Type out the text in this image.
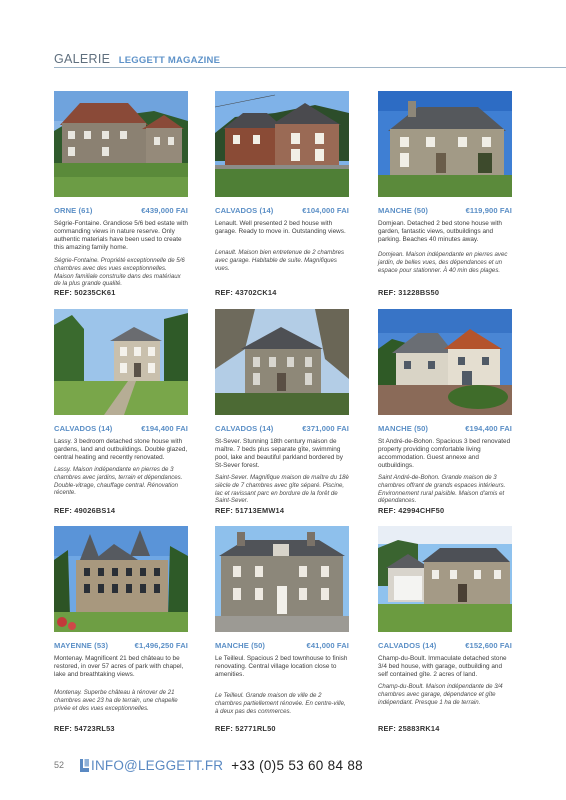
GALERIE LEGGETT MAGAZINE
ORNE (61)	€439,000 FAI
Ségrie-Fontaine. Grandiose 5/6 bed estate with commanding views in nature reserve. Only authentic materials have been used to create this amazing family home.
Ségrie-Fontaine. Propriété exceptionnelle de 5/6 chambres avec des vues exceptionnelles. Maison familiale construite dans des matériaux de la plus grande qualité.
REF: 50235CK61
CALVADOS (14)	€104,000 FAI
Lenault. Well presented 2 bed house with garage. Ready to move in. Outstanding views.
Lenault. Maison bien entretenue de 2 chambres avec garage. Habitable de suite. Magnifiques vues.
REF: 43702CK14
MANCHE (50)	€119,900 FAI
Domjean. Detached 2 bed stone house with garden, fantastic views, outbuildings and parking. Beaches 40 minutes away.
Domjean. Maison indépendante en pierres avec jardin, de belles vues, des dépendances et un espace pour stationner. À 40 min des plages.
REF: 31228BS50
CALVADOS (14)	€194,400 FAI
Lassy. 3 bedroom detached stone house with gardens, land and outbuildings. Double glazed, central heating and recently renovated.
Lassy. Maison indépendante en pierres de 3 chambres avec jardins, terrain et dépendances. Double-vitrage, chauffage central. Rénovation récente.
REF: 49026BS14
CALVADOS (14)	€371,000 FAI
St-Sever. Stunning 18th century maison de maître. 7 beds plus separate gîte, swimming pool, lake and beautiful parkland bordered by St-Sever forest.
Saint-Sever. Magnifique maison de maître du 18è siècle de 7 chambres avec gîte séparé. Piscine, lac et ravissant parc en bordure de la forêt de Saint-Sever.
REF: 51713EMW14
MANCHE (50)	€194,400 FAI
St André-de-Bohon. Spacious 3 bed renovated property providing comfortable living accommodation. Guest annexe and outbuildings.
Saint André-de-Bohon. Grande maison de 3 chambres offrant de grands espaces intérieurs. Environnement rural paisible. Maison d'amis et dépendances.
REF: 42994CHF50
MAYENNE (53)	€1,496,250 FAI
Montenay. Magnificent 21 bed château to be restored, in over 57 acres of park with chapel, lake and breathtaking views.
Montenay. Superbe château à rénover de 21 chambres avec 23 ha de terrain, une chapelle privée et des vues exceptionnelles.
REF: 54723RL53
MANCHE (50)	€41,000 FAI
Le Teilleul. Spacious 2 bed townhouse to finish renovating. Central village location close to amenities.
Le Teilleul. Grande maison de ville de 2 chambres partiellement rénovée. En centre-ville, à deux pas des commerces.
REF: 52771RL50
CALVADOS (14)	€152,600 FAI
Champ-du-Boult. Immaculate detached stone 3/4 bed house, with garage, outbuilding and self contained gîte. 2 acres of land.
Champ-du-Boult. Maison indépendante de 3/4 chambres avec garage, dépendance et gîte indépendant. Presque 1 ha de terrain.
REF: 25883RK14
52	INFO@LEGGETT.FR +33 (0)5 53 60 84 88
